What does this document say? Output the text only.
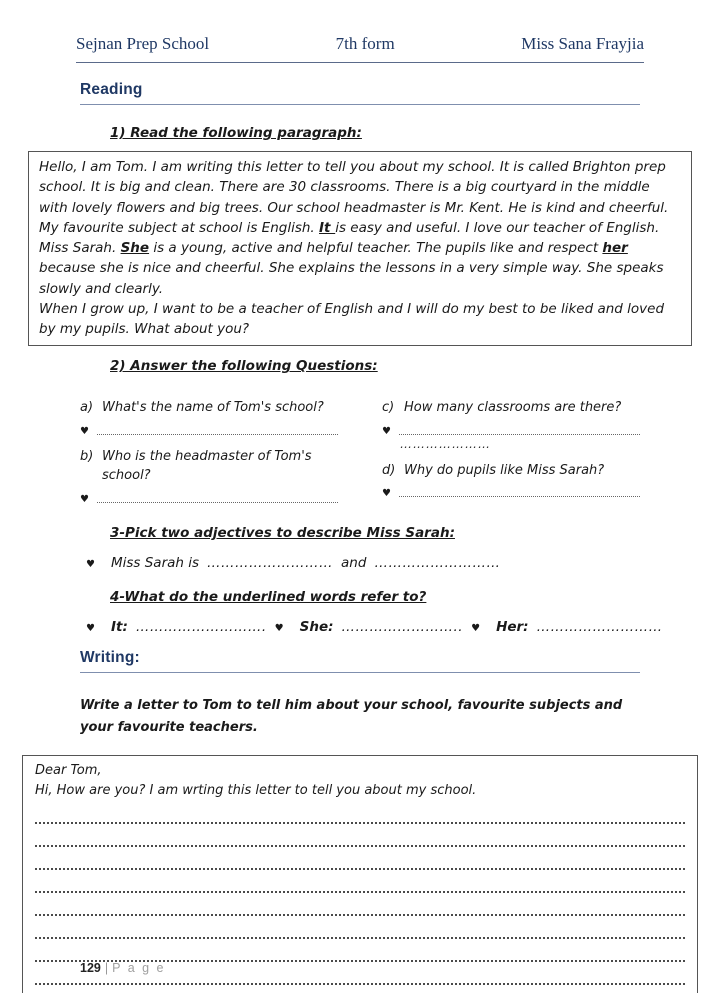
Sejnan Prep School	7th form	Miss Sana Frayjia
Reading
1) Read the following paragraph:
Hello, I am Tom. I am writing this letter to tell you about my school. It is called Brighton prep school. It is big and clean. There are 30 classrooms. There is a big courtyard in the middle with lovely flowers and big trees. Our school headmaster is Mr. Kent. He is kind and cheerful. My favourite subject at school is English. It is easy and useful. I love our teacher of English. Miss Sarah. She is a young, active and helpful teacher. The pupils like and respect her because she is nice and cheerful. She explains the lessons in a very simple way. She speaks slowly and clearly.
When I grow up, I want to be a teacher of English and I will do my best to be liked and loved by my pupils. What about you?
2) Answer the following Questions:
a) What's the name of Tom's school?
♥
b) Who is the headmaster of Tom's school?
♥
c) How many classrooms are there?
♥
…………………
d) Why do pupils like Miss Sarah?
♥
3-Pick two adjectives to describe Miss Sarah:
♥ Miss Sarah is ……………………… and ………………………
4-What do the underlined words refer to?
♥ It: ………………………. ♥ She: …………………….. ♥ Her: ………………………
Writing:
Write a letter to Tom to tell him about your school, favourite subjects and your favourite teachers.
Dear Tom,
Hi, How are you? I am wrting this letter to tell you about my school.
129 | P a g e
